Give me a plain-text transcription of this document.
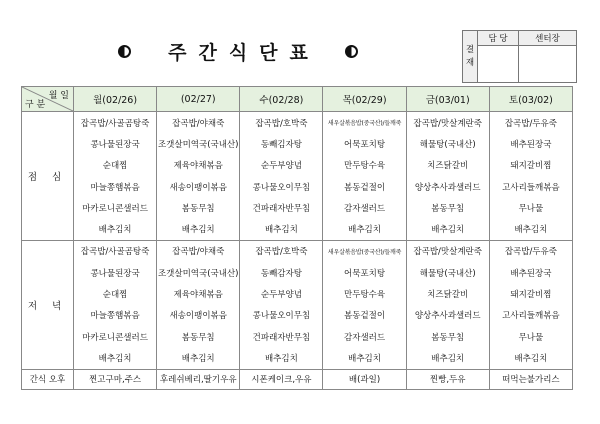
주간식단표	결
재	담 당	센터장

월 일
구 분	월(02/26)	(02/27)	수(02/28)	목(02/29)	금(03/01)	토(03/02)
점 심	잡곡밥/사골곰탕죽	잡곡밥/야채죽	잡곡밥/호박죽	새우살볶음밥(중국산)/들깨죽	잡곡밥/맛살계란죽	잡곡밥/두유죽
	콩나물된장국	조갯살미역국(국내산)	동빼김자탕	어묵포치탕	해물탕(국내산)	배추된장국
	순대찜	제육야채볶음	순두부양념	만두탕수육	치즈닭갈비	돼지갈비찜
	마늘쫑햄볶음	새송이팽이볶음	콩나물오이무침	봄동겉절이	양상추사과샐러드	고사리들깨볶음
	마카로니콘샐러드	봄동무침	건파래자반무침	감자샐러드	봄동무침	무나물
	배추김치	배추김치	배추김치	배추김치	배추김치	배추김치
저 녁	잡곡밥/사골곰탕죽	잡곡밥/야채죽	잡곡밥/호박죽	새우살볶음밥(중국산)/들깨죽	잡곡밥/맛살계란죽	잡곡밥/두유죽
	콩나물된장국	조갯살미역국(국내산)	동빼감자탕	어묵포치탕	해물탕(국내산)	배추된장국
	순대찜	제육야채볶음	순두부양념	만두탕수육	치즈닭갈비	돼지갈비찜
	마늘쫑햄볶음	새송이팽이볶음	콩나물오이무침	봄동겉절이	양상추사과샐러드	고사리들깨볶음
	마카로니콘샐러드	봄동무침	건파래자반무침	감자샐러드	봄동무침	무나물
	배추김치	배추김치	배추김치	배추김치	배추김치	배추김치
간식 오후	찐고구마,주스	후레쉬베리,딸기우유	시폰케이크,우유	배(과일)	찐빵,두유	떠먹는불가리스
